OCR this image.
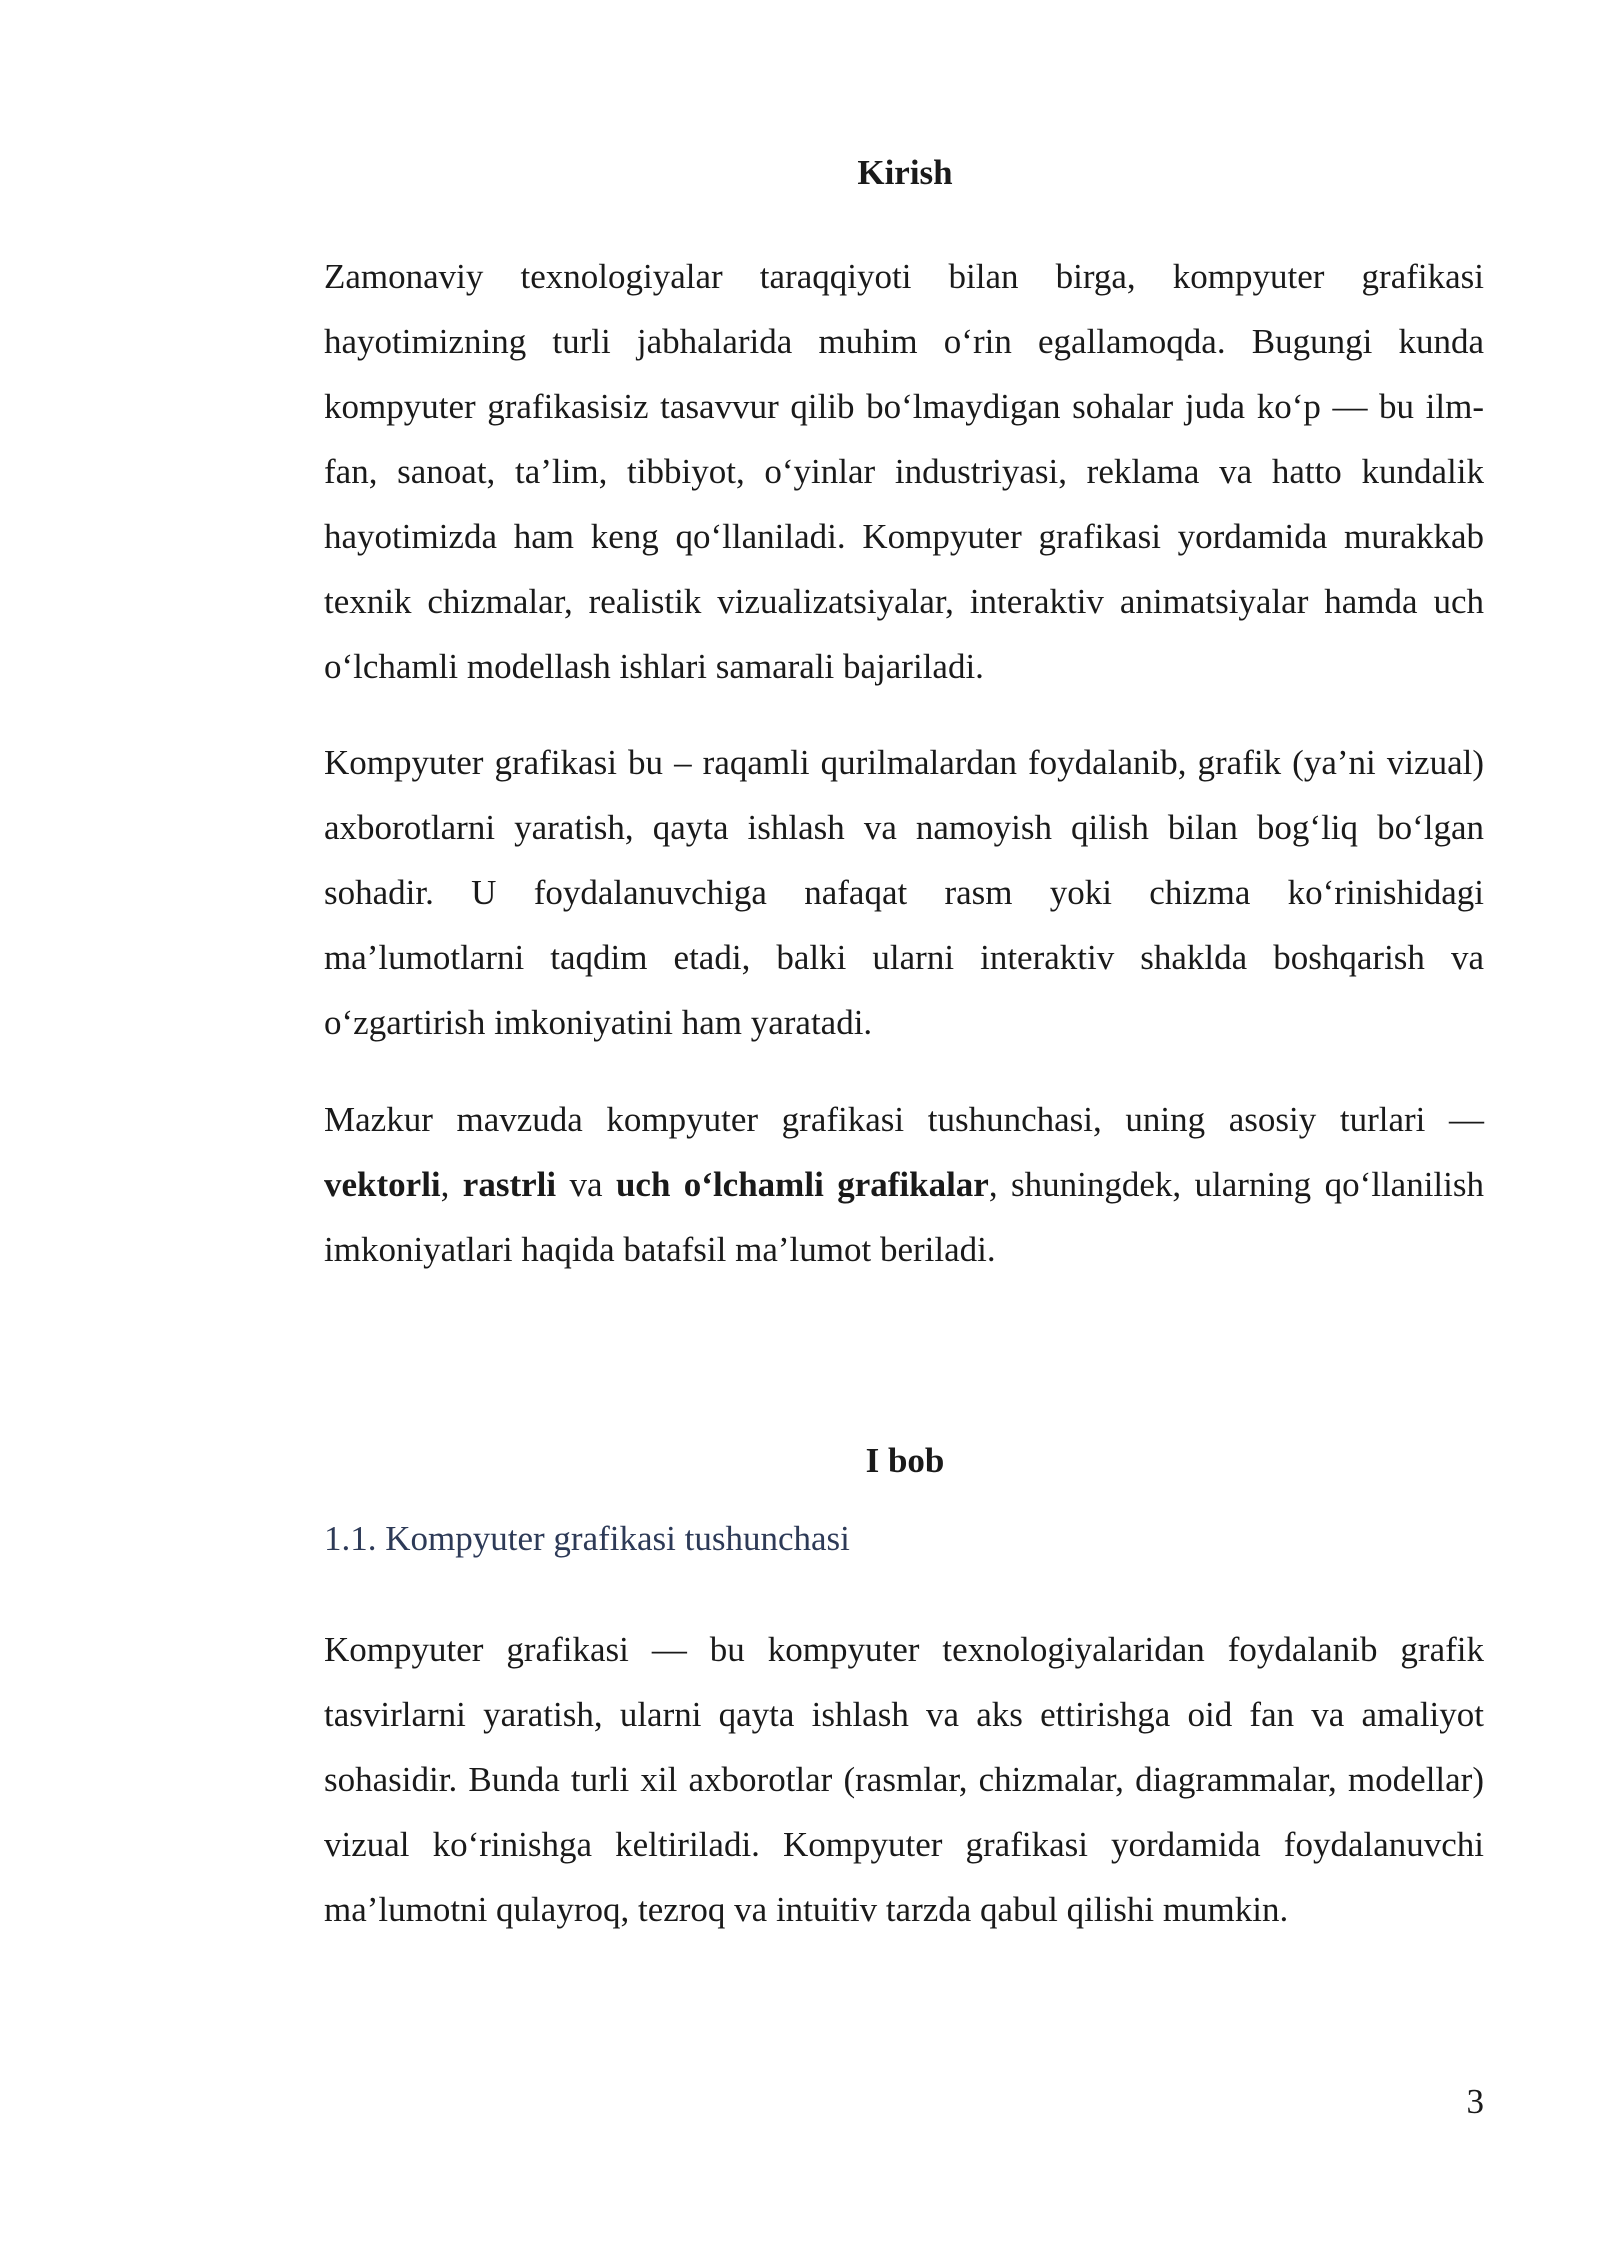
Kirish

Zamonaviy texnologiyalar taraqqiyoti bilan birga, kompyuter grafikasi hayotimizning turli jabhalarida muhim o‘rin egallamoqda. Bugungi kunda kompyuter grafikasisiz tasavvur qilib bo‘lmaydigan sohalar juda ko‘p — bu ilm-fan, sanoat, ta’lim, tibbiyot, o‘yinlar industriyasi, reklama va hatto kundalik hayotimizda ham keng qo‘llaniladi. Kompyuter grafikasi yordamida murakkab texnik chizmalar, realistik vizualizatsiyalar, interaktiv animatsiyalar hamda uch o‘lchamli modellash ishlari samarali bajariladi.

Kompyuter grafikasi bu – raqamli qurilmalardan foydalanib, grafik (ya’ni vizual) axborotlarni yaratish, qayta ishlash va namoyish qilish bilan bog‘liq bo‘lgan sohadir. U foydalanuvchiga nafaqat rasm yoki chizma ko‘rinishidagi ma’lumotlarni taqdim etadi, balki ularni interaktiv shaklda boshqarish va o‘zgartirish imkoniyatini ham yaratadi.

Mazkur mavzuda kompyuter grafikasi tushunchasi, uning asosiy turlari — vektorli, rastrli va uch o‘lchamli grafikalar, shuningdek, ularning qo‘llanilish imkoniyatlari haqida batafsil ma’lumot beriladi.

I bob

1.1. Kompyuter grafikasi tushunchasi

Kompyuter grafikasi — bu kompyuter texnologiyalaridan foydalanib grafik tasvirlarni yaratish, ularni qayta ishlash va aks ettirishga oid fan va amaliyot sohasidir. Bunda turli xil axborotlar (rasmlar, chizmalar, diagrammalar, modellar) vizual ko‘rinishga keltiriladi. Kompyuter grafikasi yordamida foydalanuvchi ma’lumotni qulayroq, tezroq va intuitiv tarzda qabul qilishi mumkin.

3
